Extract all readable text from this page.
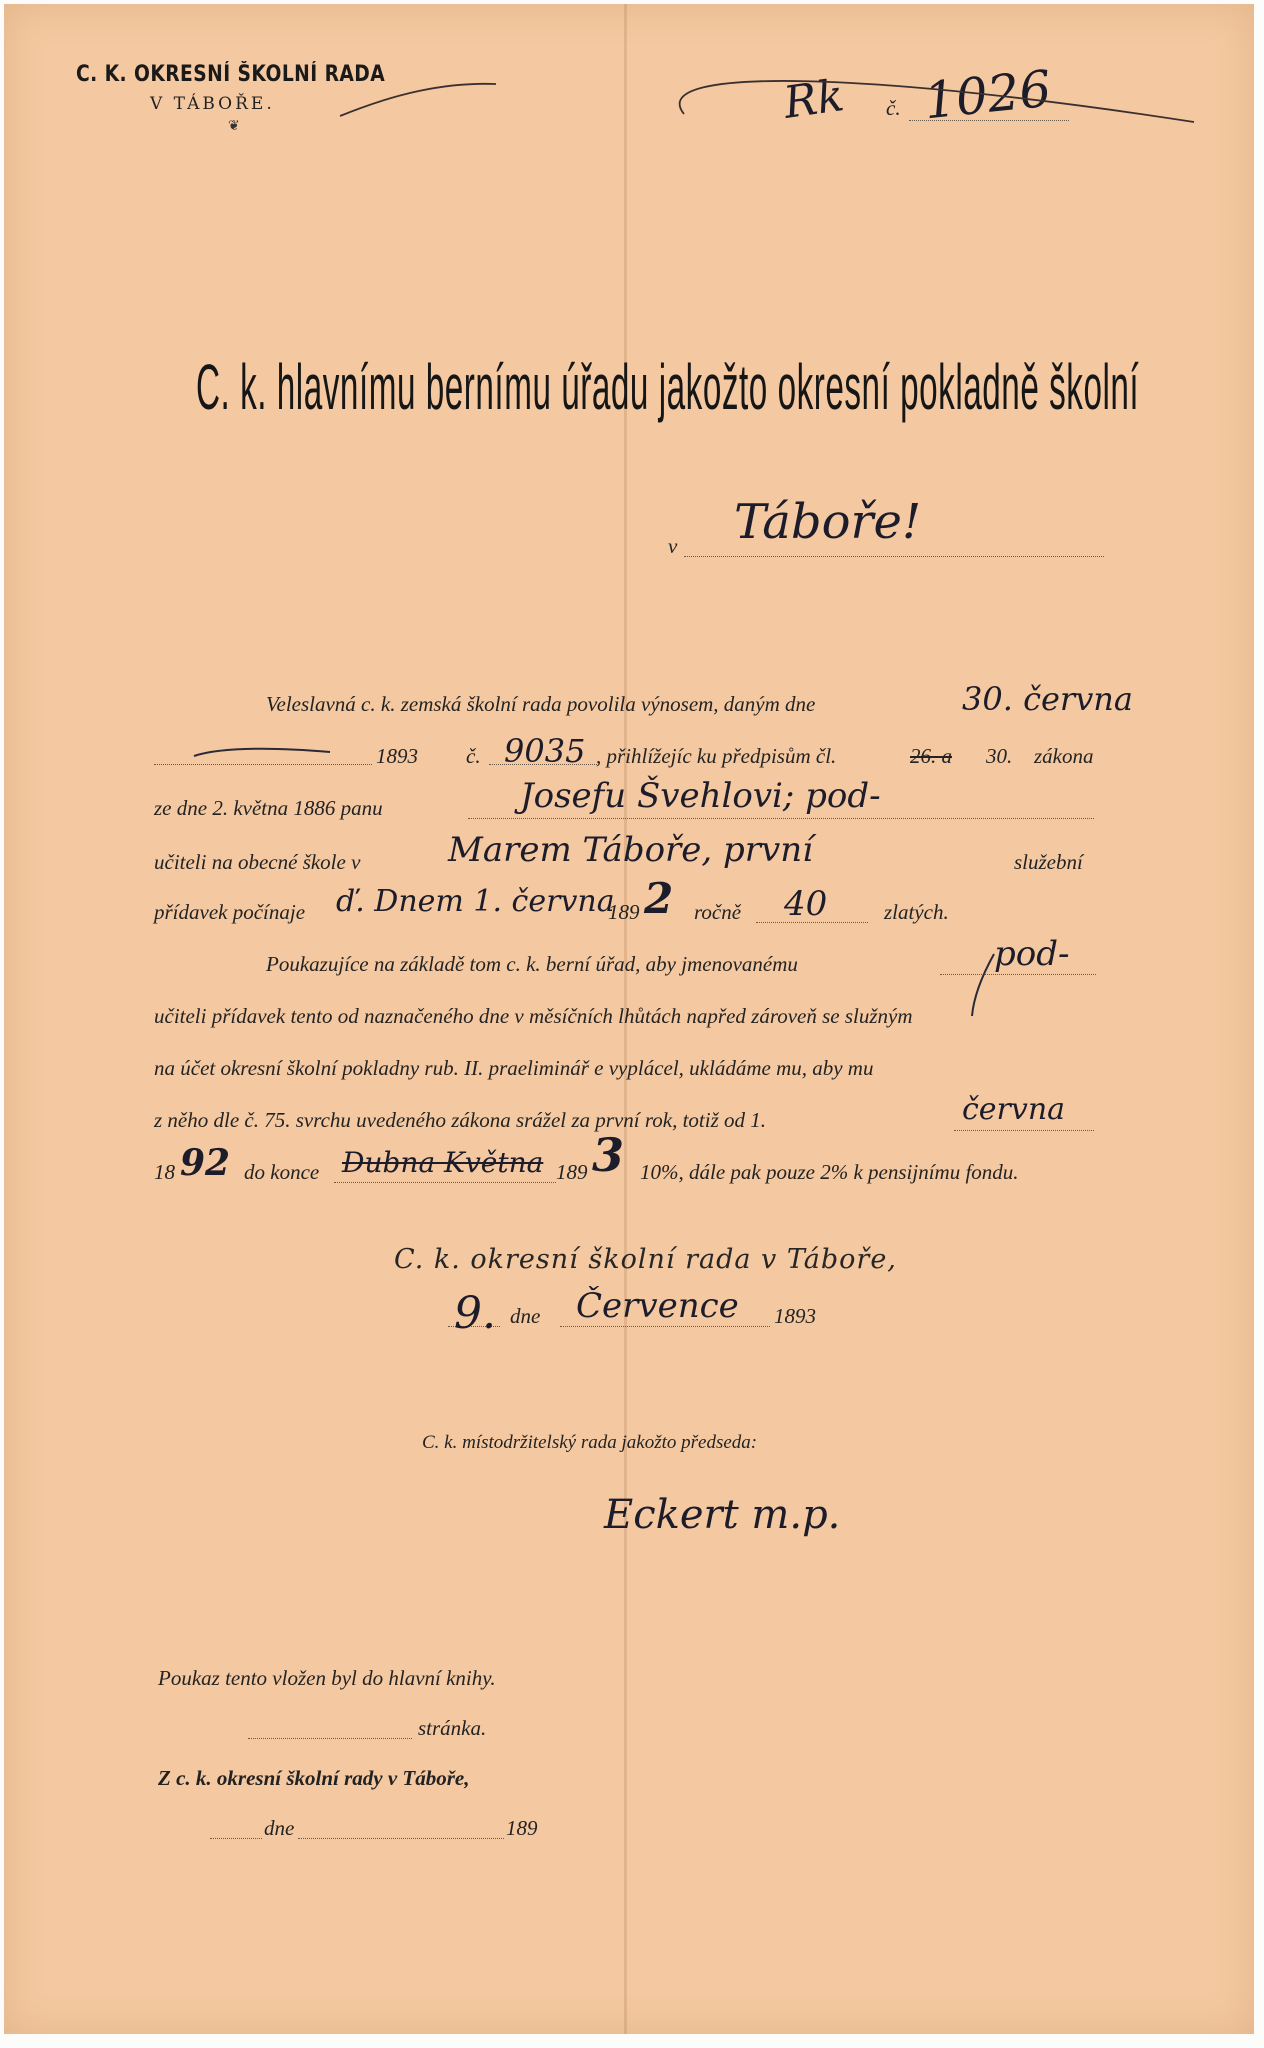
C. K. OKRESNÍ ŠKOLNÍ RADA
V TÁBOŘE.
❦	Rk č. 1026
C. k. hlavnímu bernímu úřadu jakožto okresní pokladně školní
v Táboře!
Veleslavná c. k. zemská školní rada povolila výnosem, daným dne	30. června
1893 č. 9035 , přihlížejíc ku předpisům čl.	26. a 30. zákona
ze dne 2. května 1886 panu	Josefu Švehlovi; pod-
učiteli na obecné škole v	Marem Táboře, první	služební
přídavek počínaje ď. Dnem 1. června
189 2 ročně 40	zlatých.
Poukazujíce na základě tom c. k. berní úřad, aby jmenovanému	pod-
učiteli přídavek tento od naznačeného dne v měsíčních lhůtách napřed zároveň se služným
na účet okresní školní pokladny rub. II. praeliminář e vyplácel, ukládáme mu, aby mu
z něho dle č. 75. svrchu uvedeného zákona srážel za první rok, totiž od 1.	června
18 92 do konce Dubna Května 189 3 10%, dále pak pouze 2% k pensijnímu fondu.
C. k. okresní školní rada v Táboře,
9. dne Července 1893
C. k. místodržitelský rada jakožto předseda:
Eckert m.p.
Poukaz tento vložen byl do hlavní knihy.
stránka.
Z c. k. okresní školní rady v Táboře,
dne	189
